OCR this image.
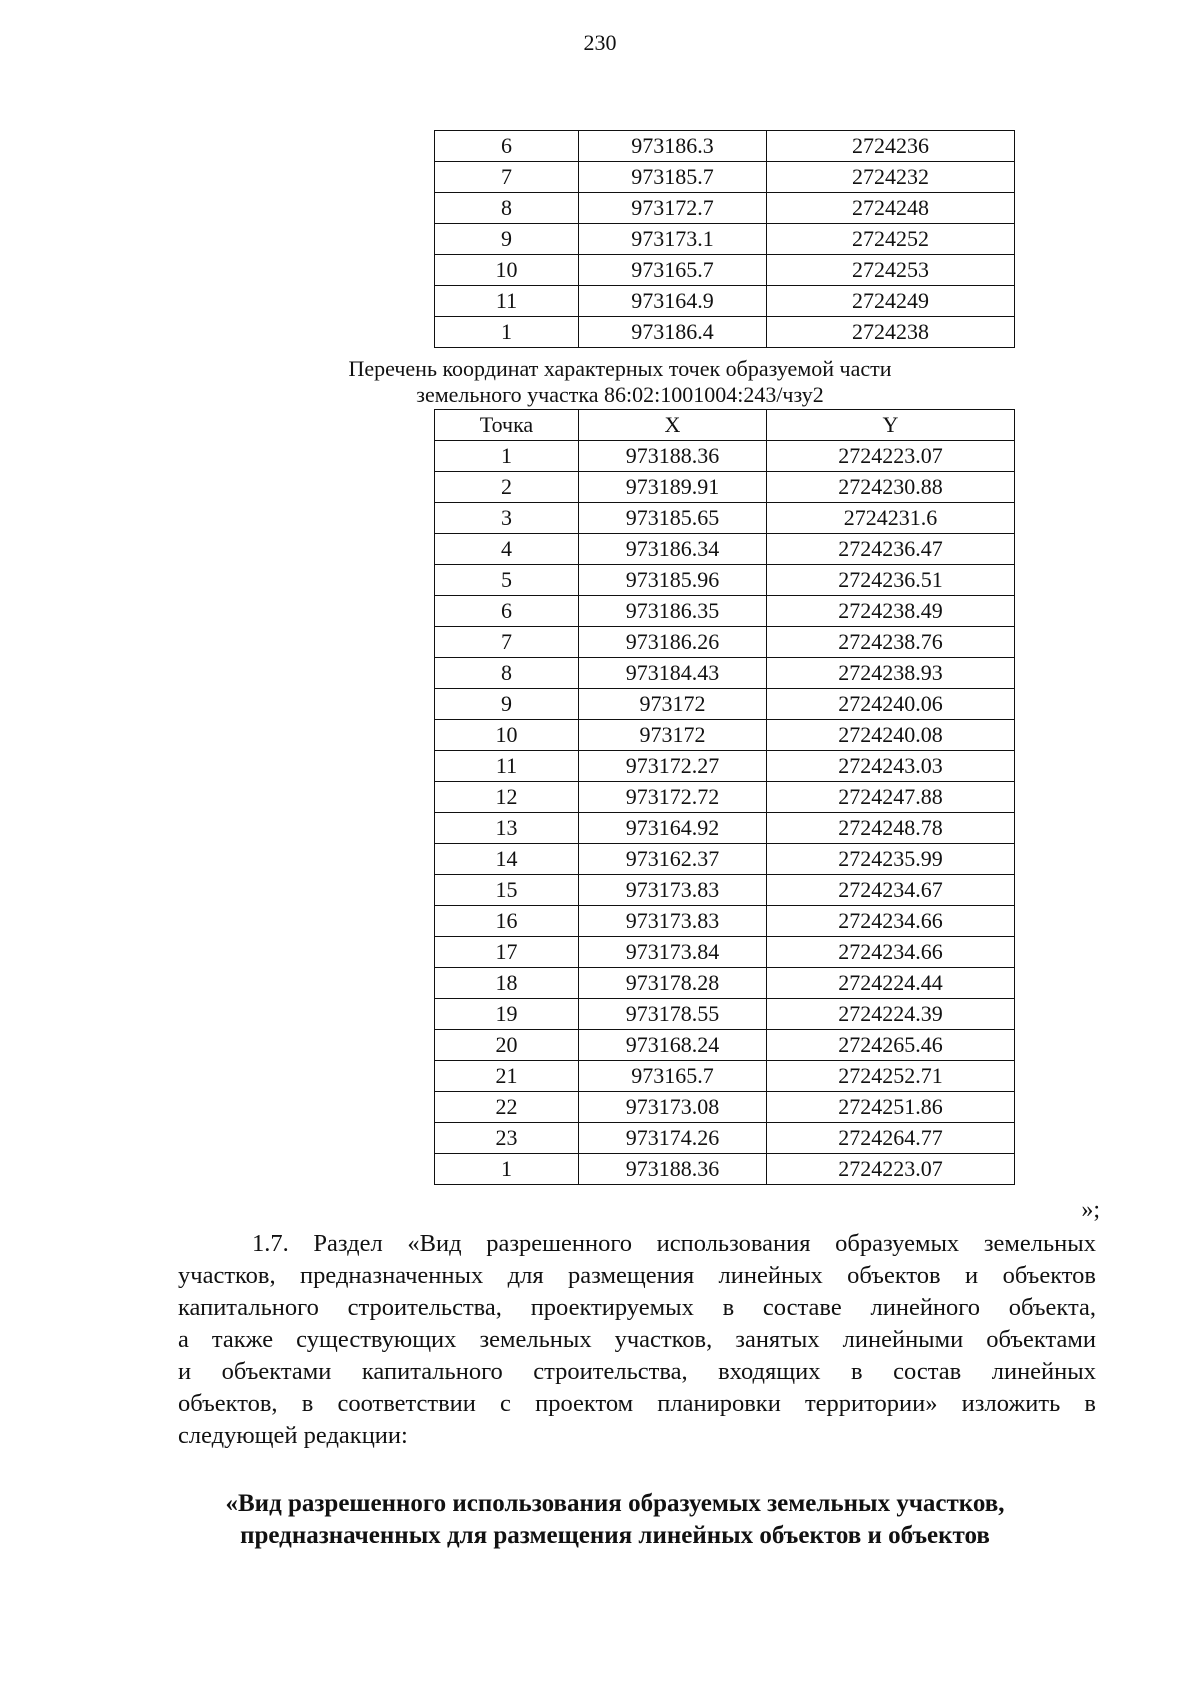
230
6	973186.3	2724236
7	973185.7	2724232
8	973172.7	2724248
9	973173.1	2724252
10	973165.7	2724253
11	973164.9	2724249
1	973186.4	2724238
Перечень координат характерных точек образуемой части
земельного участка 86:02:1001004:243/чзу2
Точка	X	Y
1	973188.36	2724223.07
2	973189.91	2724230.88
3	973185.65	2724231.6
4	973186.34	2724236.47
5	973185.96	2724236.51
6	973186.35	2724238.49
7	973186.26	2724238.76
8	973184.43	2724238.93
9	973172	2724240.06
10	973172	2724240.08
11	973172.27	2724243.03
12	973172.72	2724247.88
13	973164.92	2724248.78
14	973162.37	2724235.99
15	973173.83	2724234.67
16	973173.83	2724234.66
17	973173.84	2724234.66
18	973178.28	2724224.44
19	973178.55	2724224.39
20	973168.24	2724265.46
21	973165.7	2724252.71
22	973173.08	2724251.86
23	973174.26	2724264.77
1	973188.36	2724223.07
»;
1.7. Раздел «Вид разрешенного использования образуемых земельных
участков, предназначенных для размещения линейных объектов и объектов
капитального строительства, проектируемых в составе линейного объекта,
а также существующих земельных участков, занятых линейными объектами
и объектами капитального строительства, входящих в состав линейных
объектов, в соответствии с проектом планировки территории» изложить в
следующей редакции:
«Вид разрешенного использования образуемых земельных участков,
предназначенных для размещения линейных объектов и объектов
